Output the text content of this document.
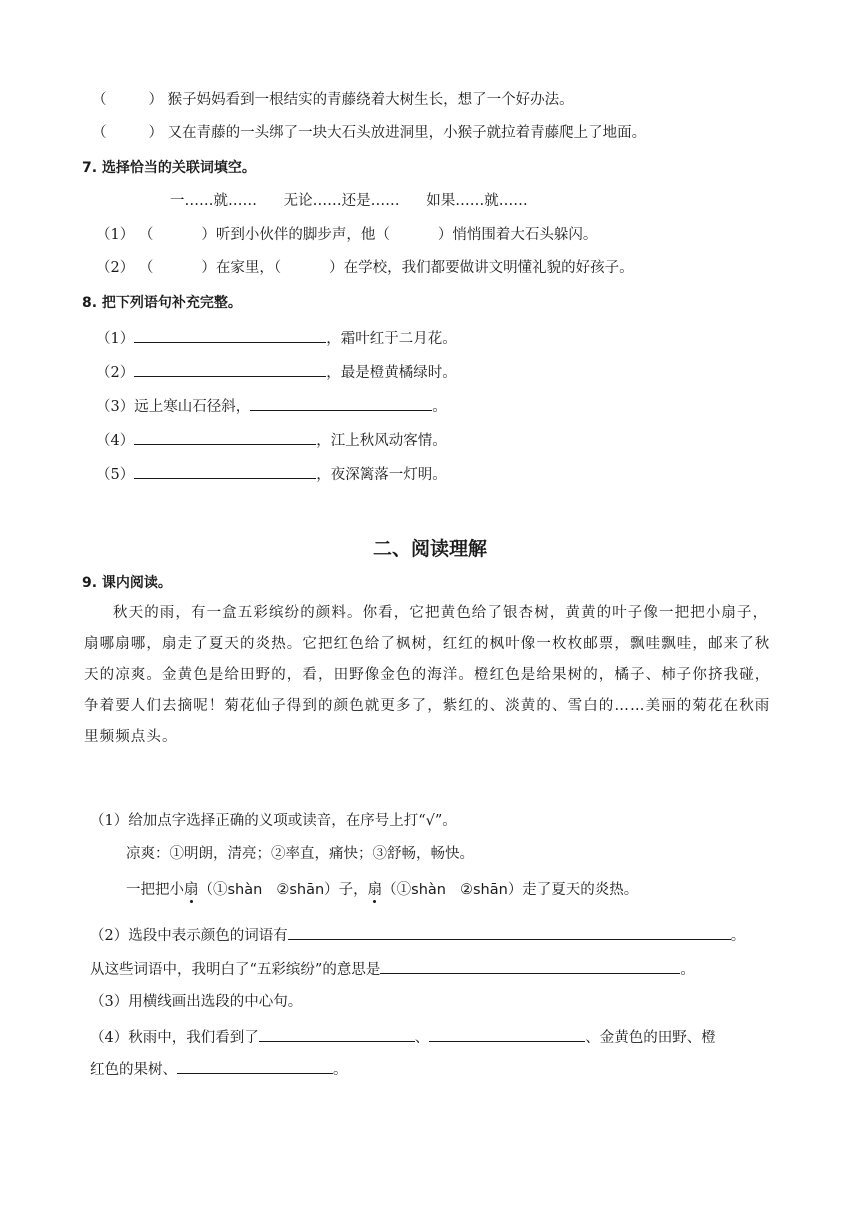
（	） 猴子妈妈看到一根结实的青藤绕着大树生长，想了一个好办法。
（	） 又在青藤的一头绑了一块大石头放进洞里，小猴子就拉着青藤爬上了地面。
7. 选择恰当的关联词填空。
一……就…… 无论……还是…… 如果……就……
（1） （	）听到小伙伴的脚步声，他（	）悄悄围着大石头躲闪。
（2） （	）在家里，（	）在学校，我们都要做讲文明懂礼貌的好孩子。
8. 把下列语句补充完整。
（1）	，霜叶红于二月花。
（2）	，最是橙黄橘绿时。
（3）远上寒山石径斜，	。
（4）	，江上秋风动客情。
（5）	，夜深篱落一灯明。
二、阅读理解
9. 课内阅读。
秋天的雨，有一盒五彩缤纷的颜料。你看，它把黄色给了银杏树，黄黄的叶子像一把把小扇子，扇哪扇哪，扇走了夏天的炎热。它把红色给了枫树，红红的枫叶像一枚枚邮票，飘哇飘哇，邮来了秋天的凉爽。金黄色是给田野的，看，田野像金色的海洋。橙红色是给果树的，橘子、柿子你挤我碰，争着要人们去摘呢！菊花仙子得到的颜色就更多了，紫红的、淡黄的、雪白的……美丽的菊花在秋雨里频频点头。
（1）给加点字选择正确的义项或读音，在序号上打“√”。
凉爽：①明朗，清亮；②率直，痛快；③舒畅，畅快。
一把把小扇（①shàn ②shān）子，扇（①shàn ②shān）走了夏天的炎热。
（2）选段中表示颜色的词语有	。
从这些词语中，我明白了“五彩缤纷”的意思是	。
（3）用横线画出选段的中心句。
（4）秋雨中，我们看到了	、	、金黄色的田野、橙
红色的果树、	。
